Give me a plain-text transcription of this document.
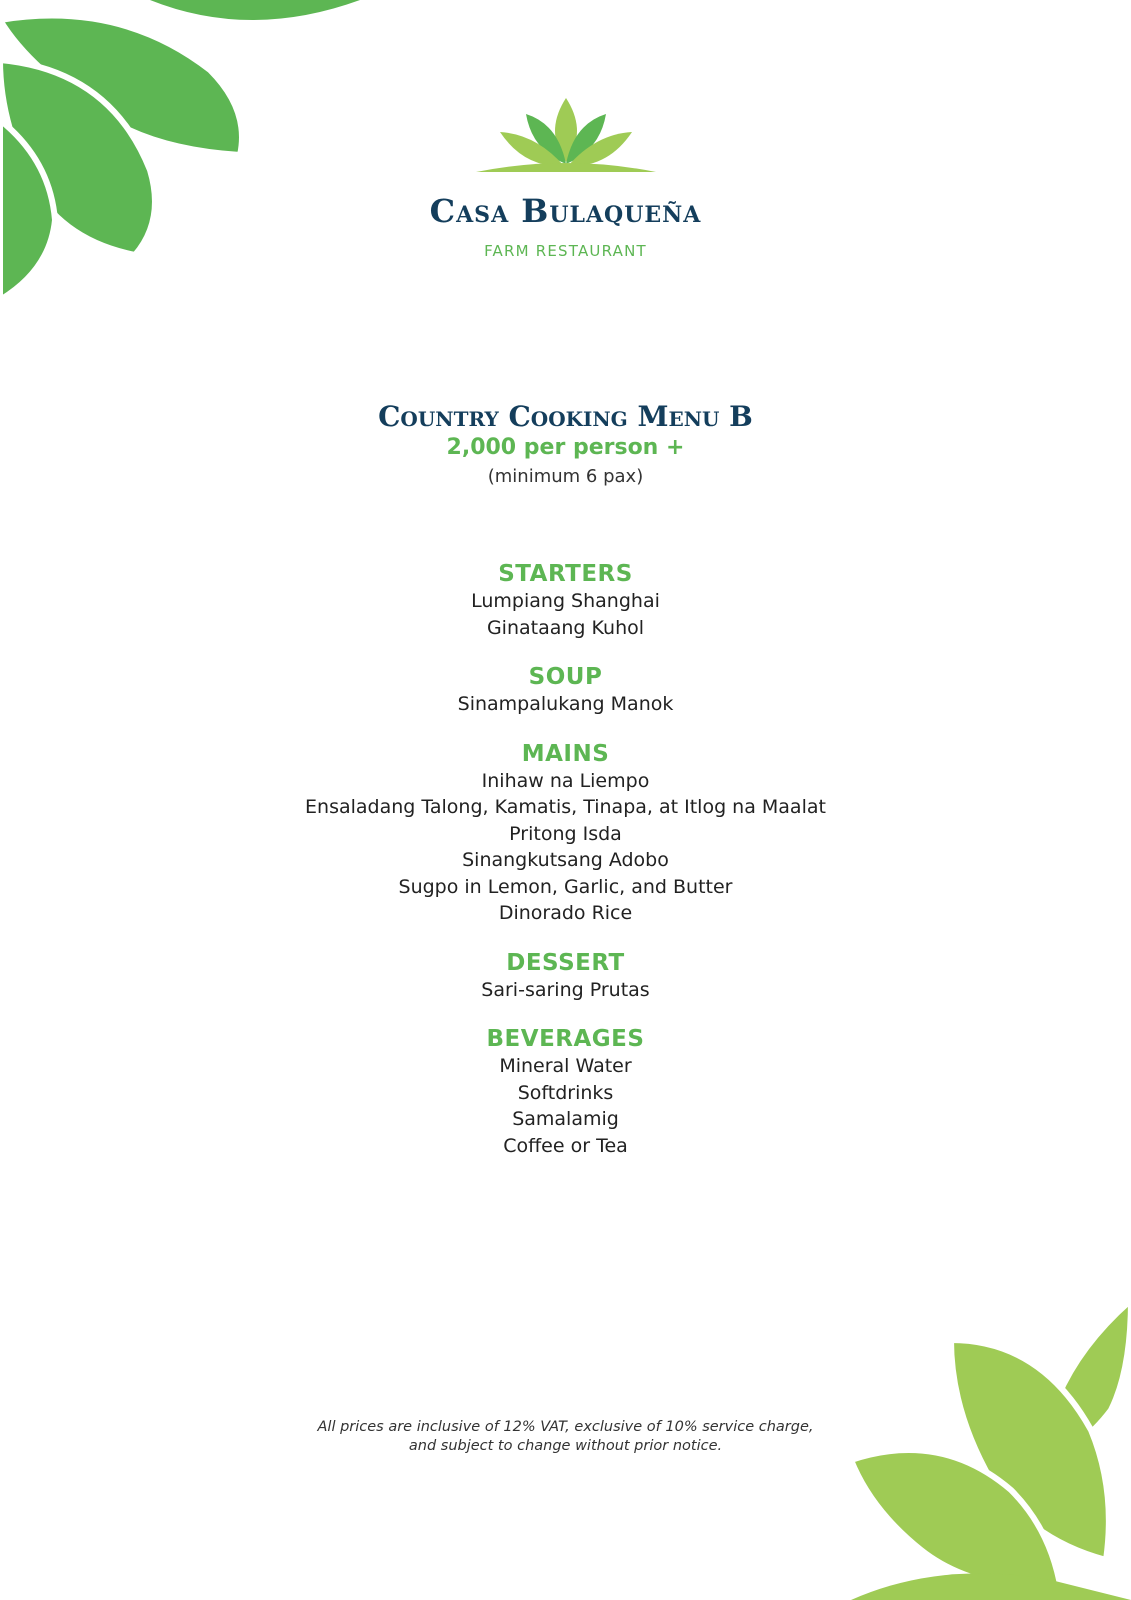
Casa Bulaqueña
FARM RESTAURANT
Country Cooking Menu B
2,000 per person +
(minimum 6 pax)
STARTERS
Lumpiang Shanghai
Ginataang Kuhol
SOUP
Sinampalukang Manok
MAINS
Inihaw na Liempo
Ensaladang Talong, Kamatis, Tinapa, at Itlog na Maalat
Pritong Isda
Sinangkutsang Adobo
Sugpo in Lemon, Garlic, and Butter
Dinorado Rice
DESSERT
Sari-saring Prutas
BEVERAGES
Mineral Water
Softdrinks
Samalamig
Coffee or Tea
All prices are inclusive of 12% VAT, exclusive of 10% service charge,
and subject to change without prior notice.
